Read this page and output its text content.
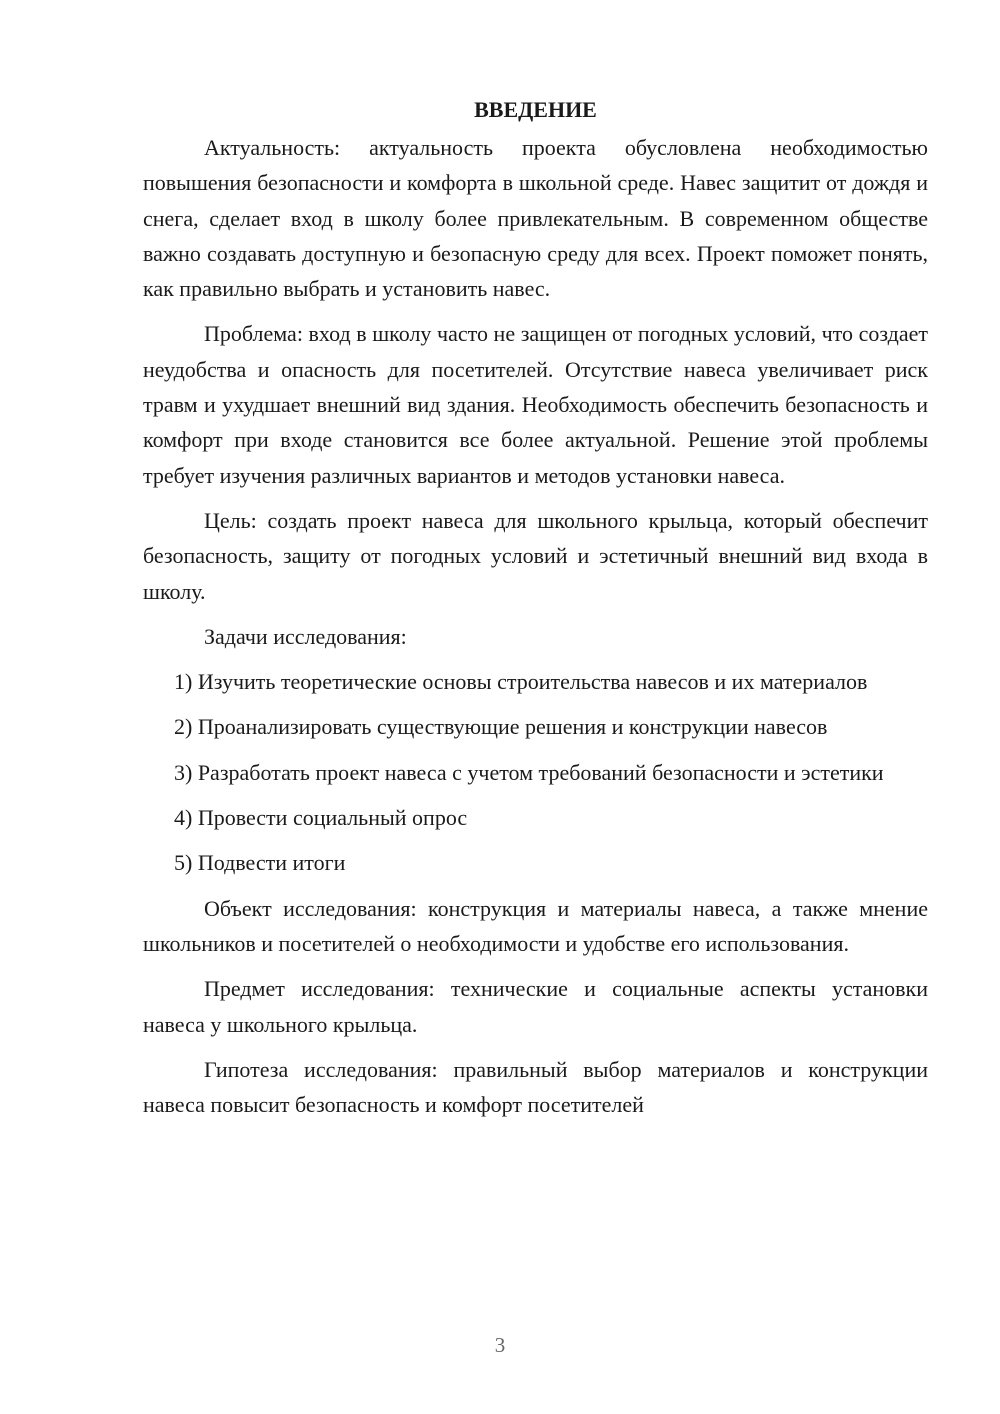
ВВЕДЕНИЕ

Актуальность: актуальность проекта обусловлена необходимостью повышения безопасности и комфорта в школьной среде. Навес защитит от дождя и снега, сделает вход в школу более привлекательным. В современном обществе важно создавать доступную и безопасную среду для всех. Проект поможет понять, как правильно выбрать и установить навес.

Проблема: вход в школу часто не защищен от погодных условий, что создает неудобства и опасность для посетителей. Отсутствие навеса увеличивает риск травм и ухудшает внешний вид здания. Необходимость обеспечить безопасность и комфорт при входе становится все более актуальной. Решение этой проблемы требует изучения различных вариантов и методов установки навеса.

Цель: создать проект навеса для школьного крыльца, который обеспечит безопасность, защиту от погодных условий и эстетичный внешний вид входа в школу.

Задачи исследования:

1) Изучить теоретические основы строительства навесов и их материалов

2) Проанализировать существующие решения и конструкции навесов

3) Разработать проект навеса с учетом требований безопасности и эстетики

4) Провести социальный опрос

5) Подвести итоги

Объект исследования: конструкция и материалы навеса, а также мнение школьников и посетителей о необходимости и удобстве его использования.

Предмет исследования: технические и социальные аспекты установки навеса у школьного крыльца.

Гипотеза исследования: правильный выбор материалов и конструкции навеса повысит безопасность и комфорт посетителей

3
